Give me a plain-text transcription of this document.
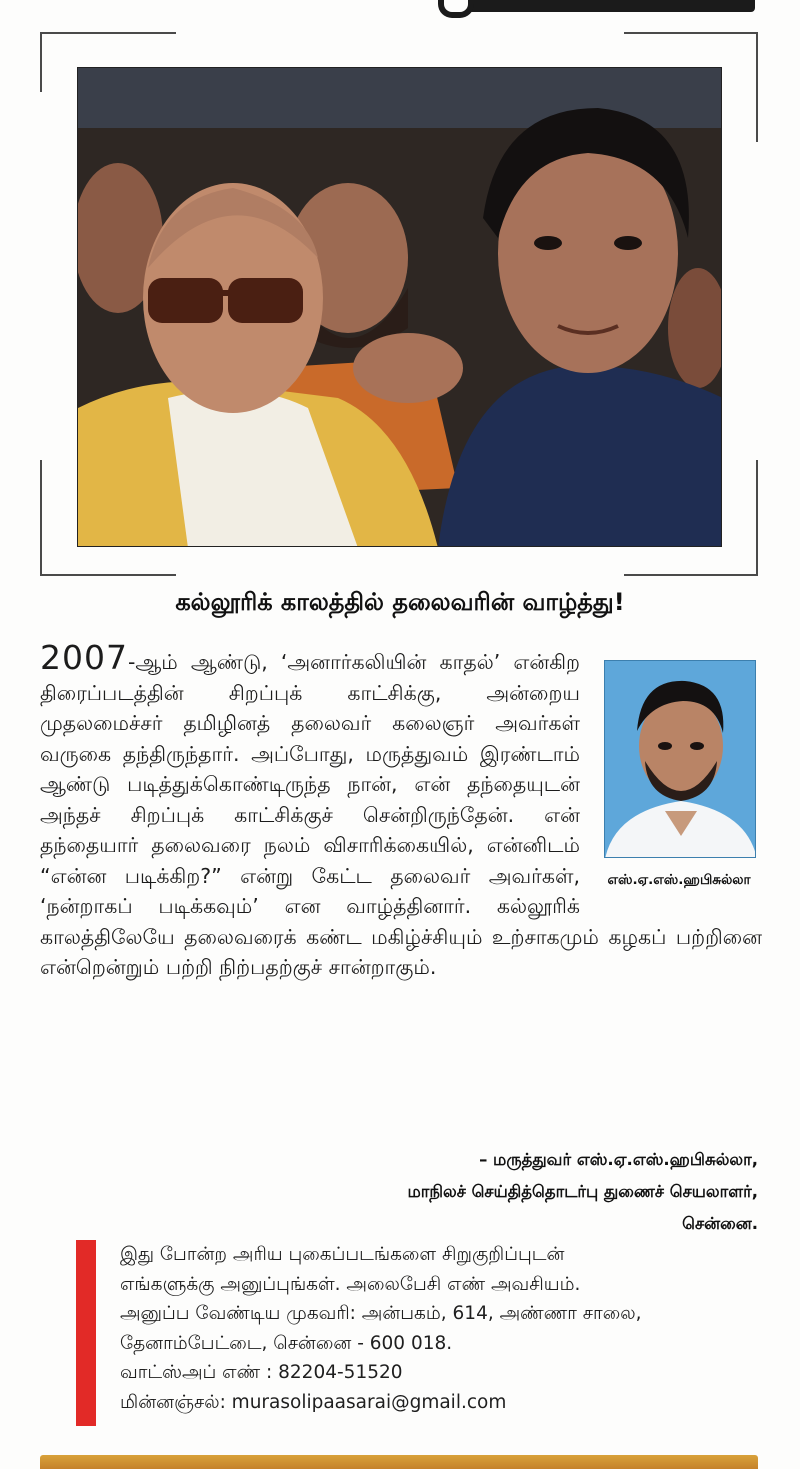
கல்லூரிக் காலத்தில் தலைவரின் வாழ்த்து!
2007-ஆம் ஆண்டு, ‘அனார்கலியின் காதல்’ என்கிற திரைப்படத்தின் சிறப்புக் காட்சிக்கு, அன்றைய முதலமைச்சர் தமிழினத் தலைவர் கலைஞர் அவர்கள் வருகை தந்திருந்தார். அப்போது, மருத்துவம் இரண்டாம் ஆண்டு படித்துக்கொண்டிருந்த நான், என் தந்தையுடன் அந்தச் சிறப்புக் காட்சிக்குச் சென்றிருந்தேன். என் தந்தையார் தலைவரை நலம் விசாரிக்கையில், என்னிடம் “என்ன படிக்கிற?” என்று கேட்ட தலைவர் அவர்கள், ‘நன்றாகப் படிக்கவும்’ என வாழ்த்தினார். கல்லூரிக் காலத்திலேயே தலைவரைக் கண்ட மகிழ்ச்சியும் உற்சாகமும் கழகப் பற்றினை என்றென்றும் பற்றி நிற்பதற்குச் சான்றாகும்.
எஸ்.ஏ.எஸ்.ஹபிசுல்லா
– மருத்துவர் எஸ்.ஏ.எஸ்.ஹபிசுல்லா,
மாநிலச் செய்தித்தொடர்பு துணைச் செயலாளர்,
சென்னை.
இது போன்ற அரிய புகைப்படங்களை சிறுகுறிப்புடன்
எங்களுக்கு அனுப்புங்கள். அலைபேசி எண் அவசியம்.
அனுப்ப வேண்டிய முகவரி: அன்பகம், 614, அண்ணா சாலை,
தேனாம்பேட்டை, சென்னை - 600 018.
வாட்ஸ்அப் எண் : 82204-51520
மின்னஞ்சல்: murasolipaasarai@gmail.com
